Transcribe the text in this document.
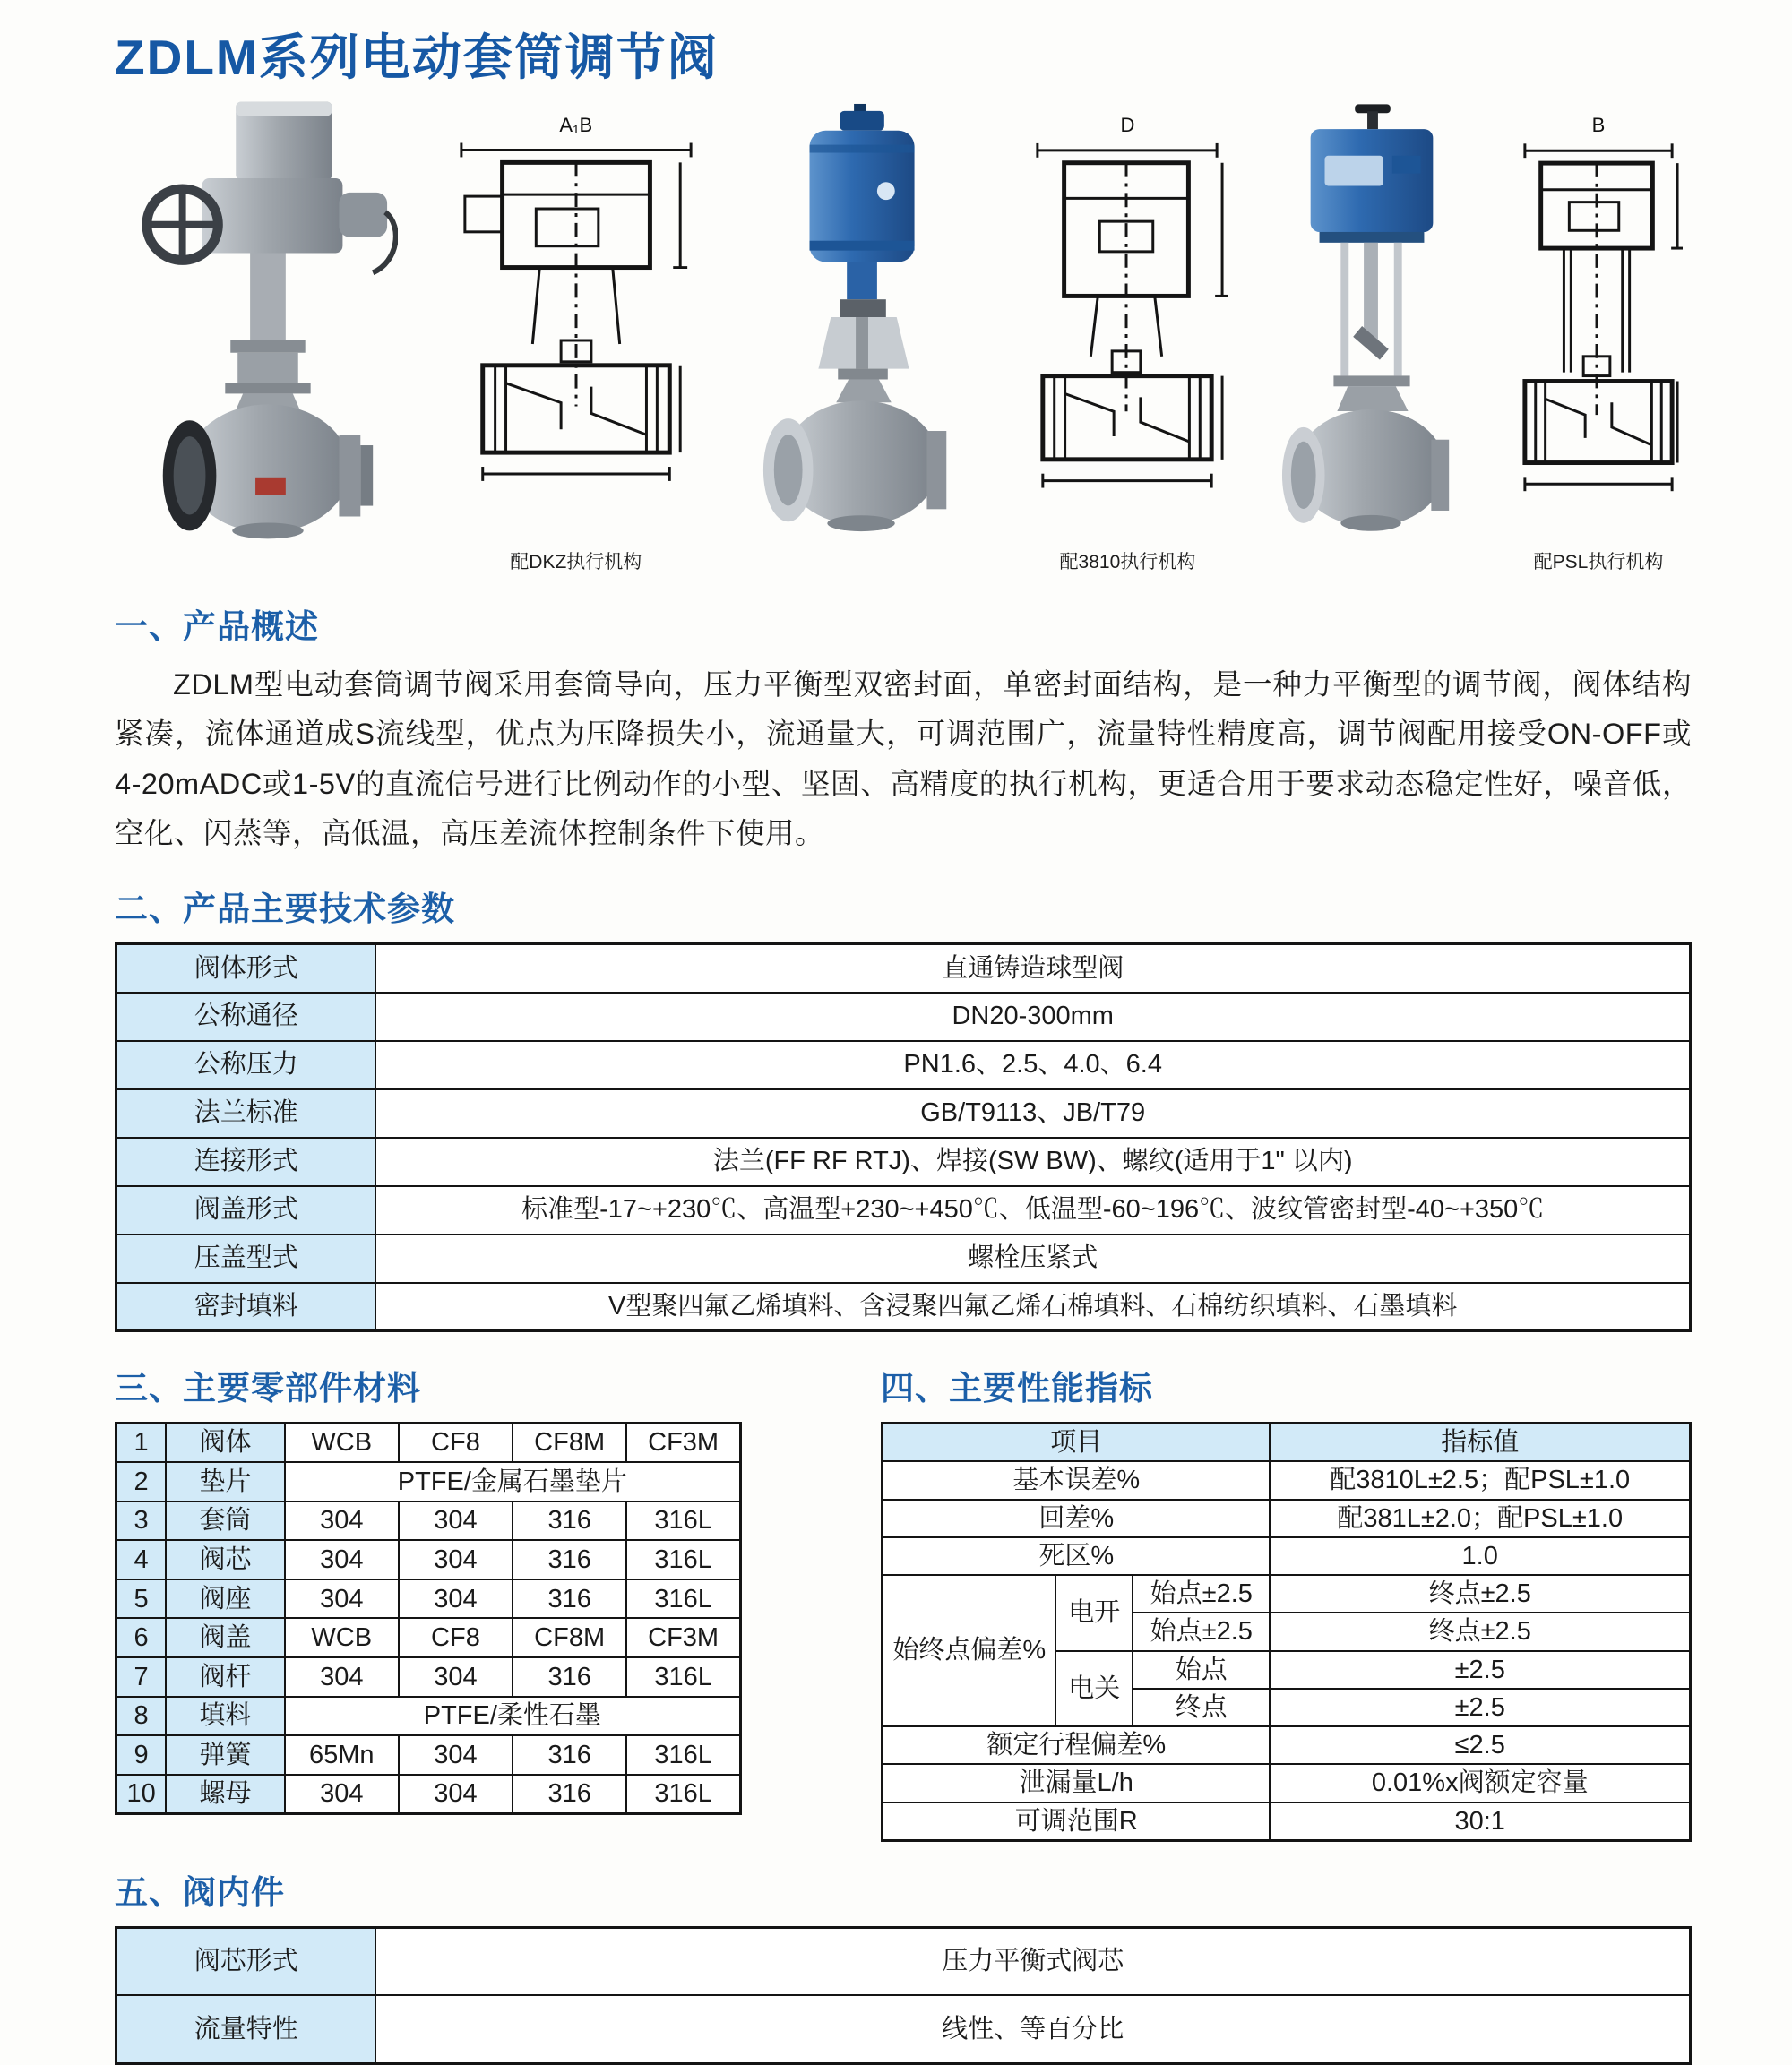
ZDLM系列电动套筒调节阀
A₁B
配DKZ执行机构
D
配3810执行机构
B
配PSL执行机构
一、产品概述

ZDLM型电动套筒调节阀采用套筒导向，压力平衡型双密封面，单密封面结构，是一种力平衡型的调节阀，阀体结构紧凑，流体通道成S流线型，优点为压降损失小，流通量大，可调范围广，流量特性精度高，调节阀配用接受ON-OFF或4-20mADC或1-5V的直流信号进行比例动作的小型、坚固、高精度的执行机构，更适合用于要求动态稳定性好，噪音低，空化、闪蒸等，高低温，高压差流体控制条件下使用。

二、产品主要技术参数
阀体形式	直通铸造球型阀
公称通径	DN20-300mm
公称压力	PN1.6、2.5、4.0、6.4
法兰标准	GB/T9113、JB/T79
连接形式	法兰(FF RF RTJ)、焊接(SW BW)、螺纹(适用于1" 以内)
阀盖形式	标准型-17~+230℃、高温型+230~+450℃、低温型-60~196℃、波纹管密封型-40~+350℃
压盖型式	螺栓压紧式
密封填料	V型聚四氟乙烯填料、含浸聚四氟乙烯石棉填料、石棉纺织填料、石墨填料
三、主要零部件材料
1	阀体	WCB	CF8	CF8M	CF3M
2	垫片	PTFE/金属石墨垫片			
3	套筒	304	304	316	316L
4	阀芯	304	304	316	316L
5	阀座	304	304	316	316L
6	阀盖	WCB	CF8	CF8M	CF3M
7	阀杆	304	304	316	316L
8	填料	PTFE/柔性石墨			
9	弹簧	65Mn	304	316	316L
10	螺母	304	304	316	316L
四、主要性能指标
项目			指标值
基本误差%			配3810L±2.5；配PSL±1.0
回差%			配381L±2.0；配PSL±1.0
死区%			1.0
始终点偏差%	电开	始点±2.5	终点±2.5
		始点±2.5	终点±2.5
	电关	始点	±2.5
		终点	±2.5
额定行程偏差%			≤2.5
泄漏量L/h			0.01%x阀额定容量
可调范围R			30:1
五、阀内件
阀芯形式	压力平衡式阀芯
流量特性	线性、等百分比
